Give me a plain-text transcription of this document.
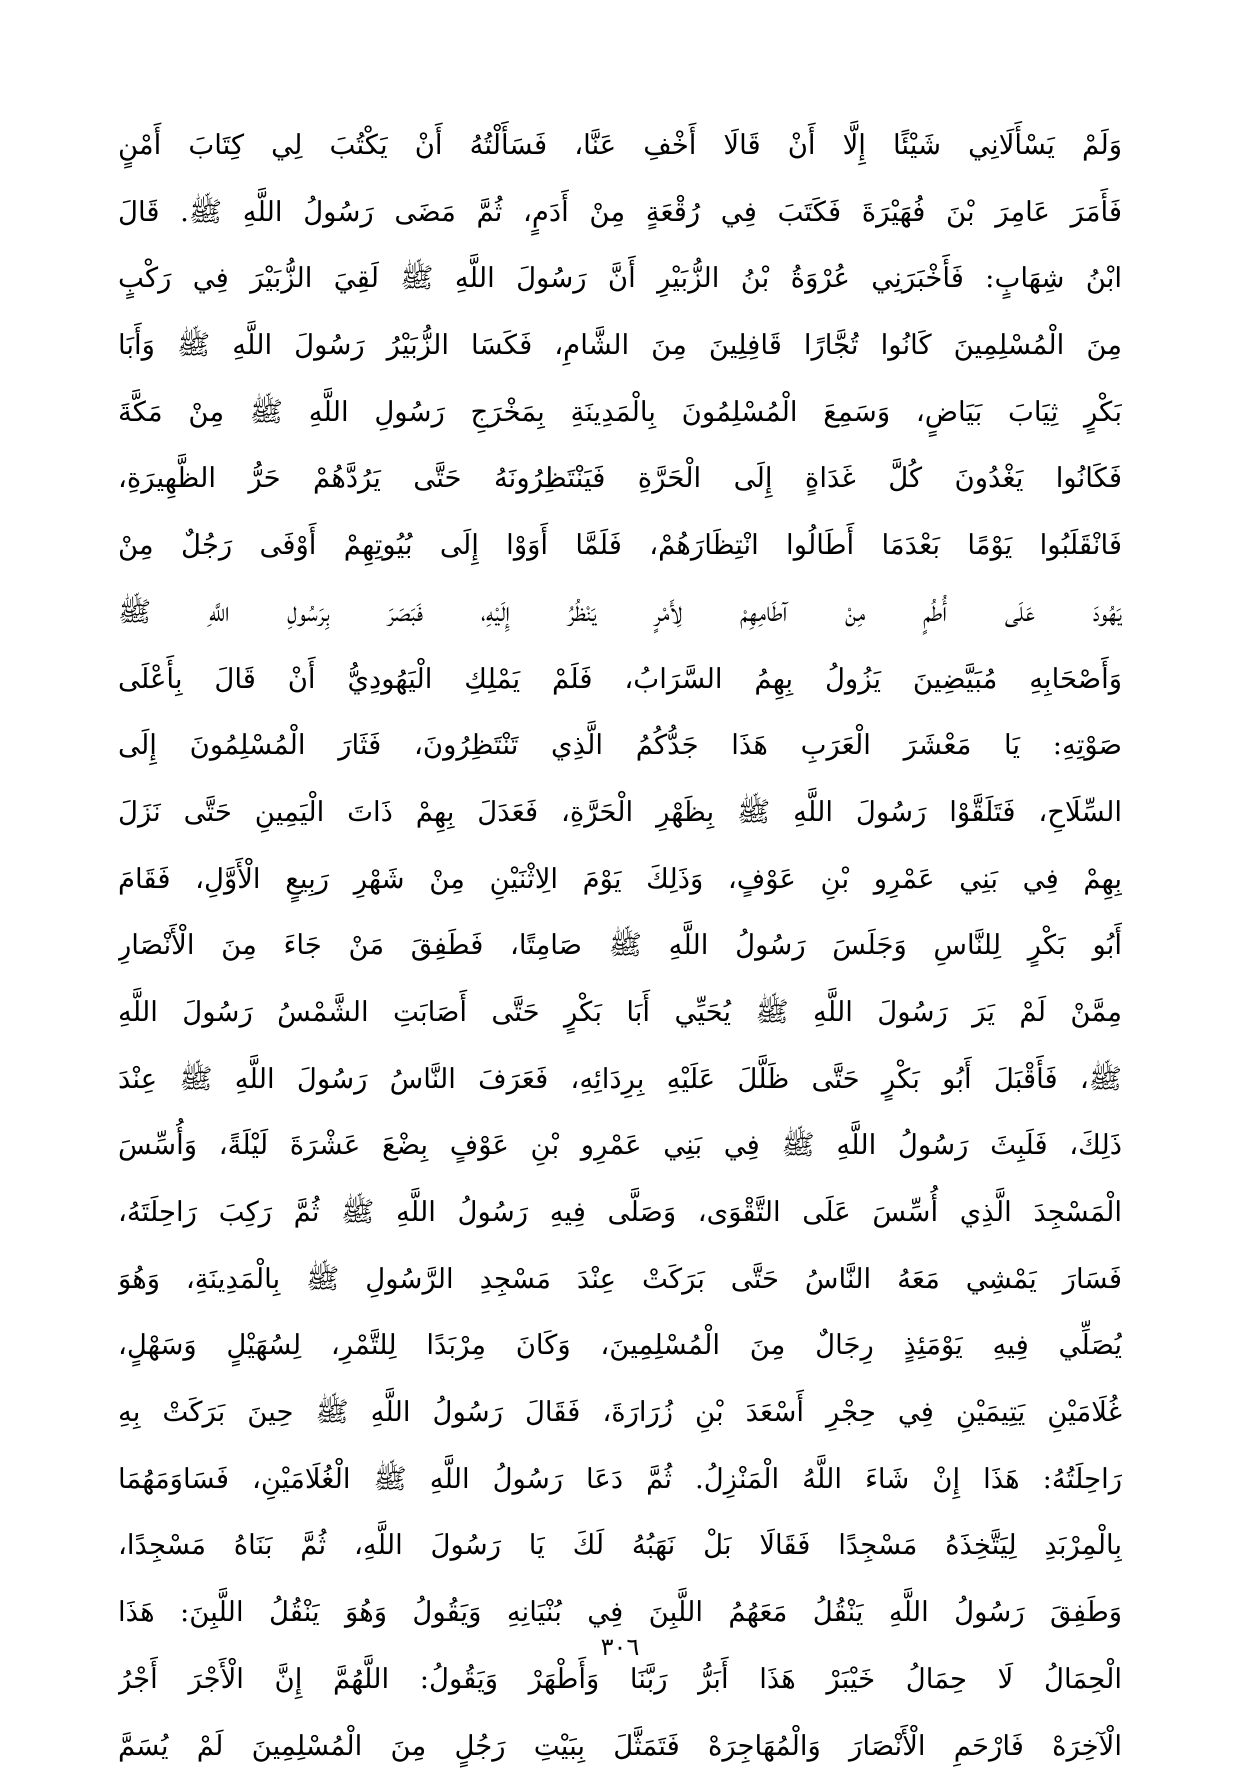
وَلَمْ يَسْأَلَانِي شَيْئًا إِلَّا أَنْ قَالَا أَخْفِ عَنَّا، فَسَأَلْتُهُ أَنْ يَكْتُبَ لِي كِتَابَ أَمْنٍ
فَأَمَرَ عَامِرَ بْنَ فُهَيْرَةَ فَكَتَبَ فِي رُقْعَةٍ مِنْ أَدَمٍ، ثُمَّ مَضَى رَسُولُ اللَّهِ ﷺ. قَالَ
ابْنُ شِهَابٍ: فَأَخْبَرَنِي عُرْوَةُ بْنُ الزُّبَيْرِ أَنَّ رَسُولَ اللَّهِ ﷺ لَقِيَ الزُّبَيْرَ فِي رَكْبٍ
مِنَ الْمُسْلِمِينَ كَانُوا تُجَّارًا قَافِلِينَ مِنَ الشَّامِ، فَكَسَا الزُّبَيْرُ رَسُولَ اللَّهِ ﷺ وَأَبَا
بَكْرٍ ثِيَابَ بَيَاضٍ، وَسَمِعَ الْمُسْلِمُونَ بِالْمَدِينَةِ بِمَخْرَجِ رَسُولِ اللَّهِ ﷺ مِنْ مَكَّةَ
فَكَانُوا يَغْدُونَ كُلَّ غَدَاةٍ إِلَى الْحَرَّةِ فَيَنْتَظِرُونَهُ حَتَّى يَرُدَّهُمْ حَرُّ الظَّهِيرَةِ،
فَانْقَلَبُوا يَوْمًا بَعْدَمَا أَطَالُوا انْتِظَارَهُمْ، فَلَمَّا أَوَوْا إِلَى بُيُوتِهِمْ أَوْفَى رَجُلٌ مِنْ
يَهُودَ عَلَى أُطُمٍ مِنْ آطَامِهِمْ لِأَمْرٍ يَنْظُرُ إِلَيْهِ، فَبَصَرَ بِرَسُولِ اللَّهِ ﷺ
وَأَصْحَابِهِ مُبَيَّضِينَ يَزُولُ بِهِمُ السَّرَابُ، فَلَمْ يَمْلِكِ الْيَهُودِيُّ أَنْ قَالَ بِأَعْلَى
صَوْتِهِ: يَا مَعْشَرَ الْعَرَبِ هَذَا جَدُّكُمُ الَّذِي تَنْتَظِرُونَ، فَثَارَ الْمُسْلِمُونَ إِلَى
السِّلَاحِ، فَتَلَقَّوْا رَسُولَ اللَّهِ ﷺ بِظَهْرِ الْحَرَّةِ، فَعَدَلَ بِهِمْ ذَاتَ الْيَمِينِ حَتَّى نَزَلَ
بِهِمْ فِي بَنِي عَمْرِو بْنِ عَوْفٍ، وَذَلِكَ يَوْمَ الِاثْنَيْنِ مِنْ شَهْرِ رَبِيعٍ الْأَوَّلِ، فَقَامَ
أَبُو بَكْرٍ لِلنَّاسِ وَجَلَسَ رَسُولُ اللَّهِ ﷺ صَامِتًا، فَطَفِقَ مَنْ جَاءَ مِنَ الْأَنْصَارِ
مِمَّنْ لَمْ يَرَ رَسُولَ اللَّهِ ﷺ يُحَيِّي أَبَا بَكْرٍ حَتَّى أَصَابَتِ الشَّمْسُ رَسُولَ اللَّهِ
ﷺ، فَأَقْبَلَ أَبُو بَكْرٍ حَتَّى ظَلَّلَ عَلَيْهِ بِرِدَائِهِ، فَعَرَفَ النَّاسُ رَسُولَ اللَّهِ ﷺ عِنْدَ
ذَلِكَ، فَلَبِثَ رَسُولُ اللَّهِ ﷺ فِي بَنِي عَمْرِو بْنِ عَوْفٍ بِضْعَ عَشْرَةَ لَيْلَةً، وَأُسِّسَ
الْمَسْجِدَ الَّذِي أُسِّسَ عَلَى التَّقْوَى، وَصَلَّى فِيهِ رَسُولُ اللَّهِ ﷺ ثُمَّ رَكِبَ رَاحِلَتَهُ،
فَسَارَ يَمْشِي مَعَهُ النَّاسُ حَتَّى بَرَكَتْ عِنْدَ مَسْجِدِ الرَّسُولِ ﷺ بِالْمَدِينَةِ، وَهُوَ
يُصَلِّي فِيهِ يَوْمَئِذٍ رِجَالٌ مِنَ الْمُسْلِمِينَ، وَكَانَ مِرْبَدًا لِلتَّمْرِ، لِسُهَيْلٍ وَسَهْلٍ،
غُلَامَيْنِ يَتِيمَيْنِ فِي حِجْرِ أَسْعَدَ بْنِ زُرَارَةَ، فَقَالَ رَسُولُ اللَّهِ ﷺ حِينَ بَرَكَتْ بِهِ
رَاحِلَتُهُ: هَذَا إِنْ شَاءَ اللَّهُ الْمَنْزِلُ. ثُمَّ دَعَا رَسُولُ اللَّهِ ﷺ الْغُلَامَيْنِ، فَسَاوَمَهُمَا
بِالْمِرْبَدِ لِيَتَّخِذَهُ مَسْجِدًا فَقَالَا بَلْ نَهَبُهُ لَكَ يَا رَسُولَ اللَّهِ، ثُمَّ بَنَاهُ مَسْجِدًا،
وَطَفِقَ رَسُولُ اللَّهِ يَنْقُلُ مَعَهُمُ اللَّبِنَ فِي بُنْيَانِهِ وَيَقُولُ وَهُوَ يَنْقُلُ اللَّبِنَ: هَذَا
الْحِمَالُ لَا حِمَالُ خَيْبَرْ هَذَا أَبَرُّ رَبَّنَا وَأَطْهَرْ وَيَقُولُ: اللَّهُمَّ إِنَّ الْأَجْرَ أَجْرُ
الْآخِرَهْ فَارْحَمِ الْأَنْصَارَ وَالْمُهَاجِرَهْ فَتَمَثَّلَ بِبَيْتِ رَجُلٍ مِنَ الْمُسْلِمِينَ لَمْ يُسَمَّ
٣٠٦
